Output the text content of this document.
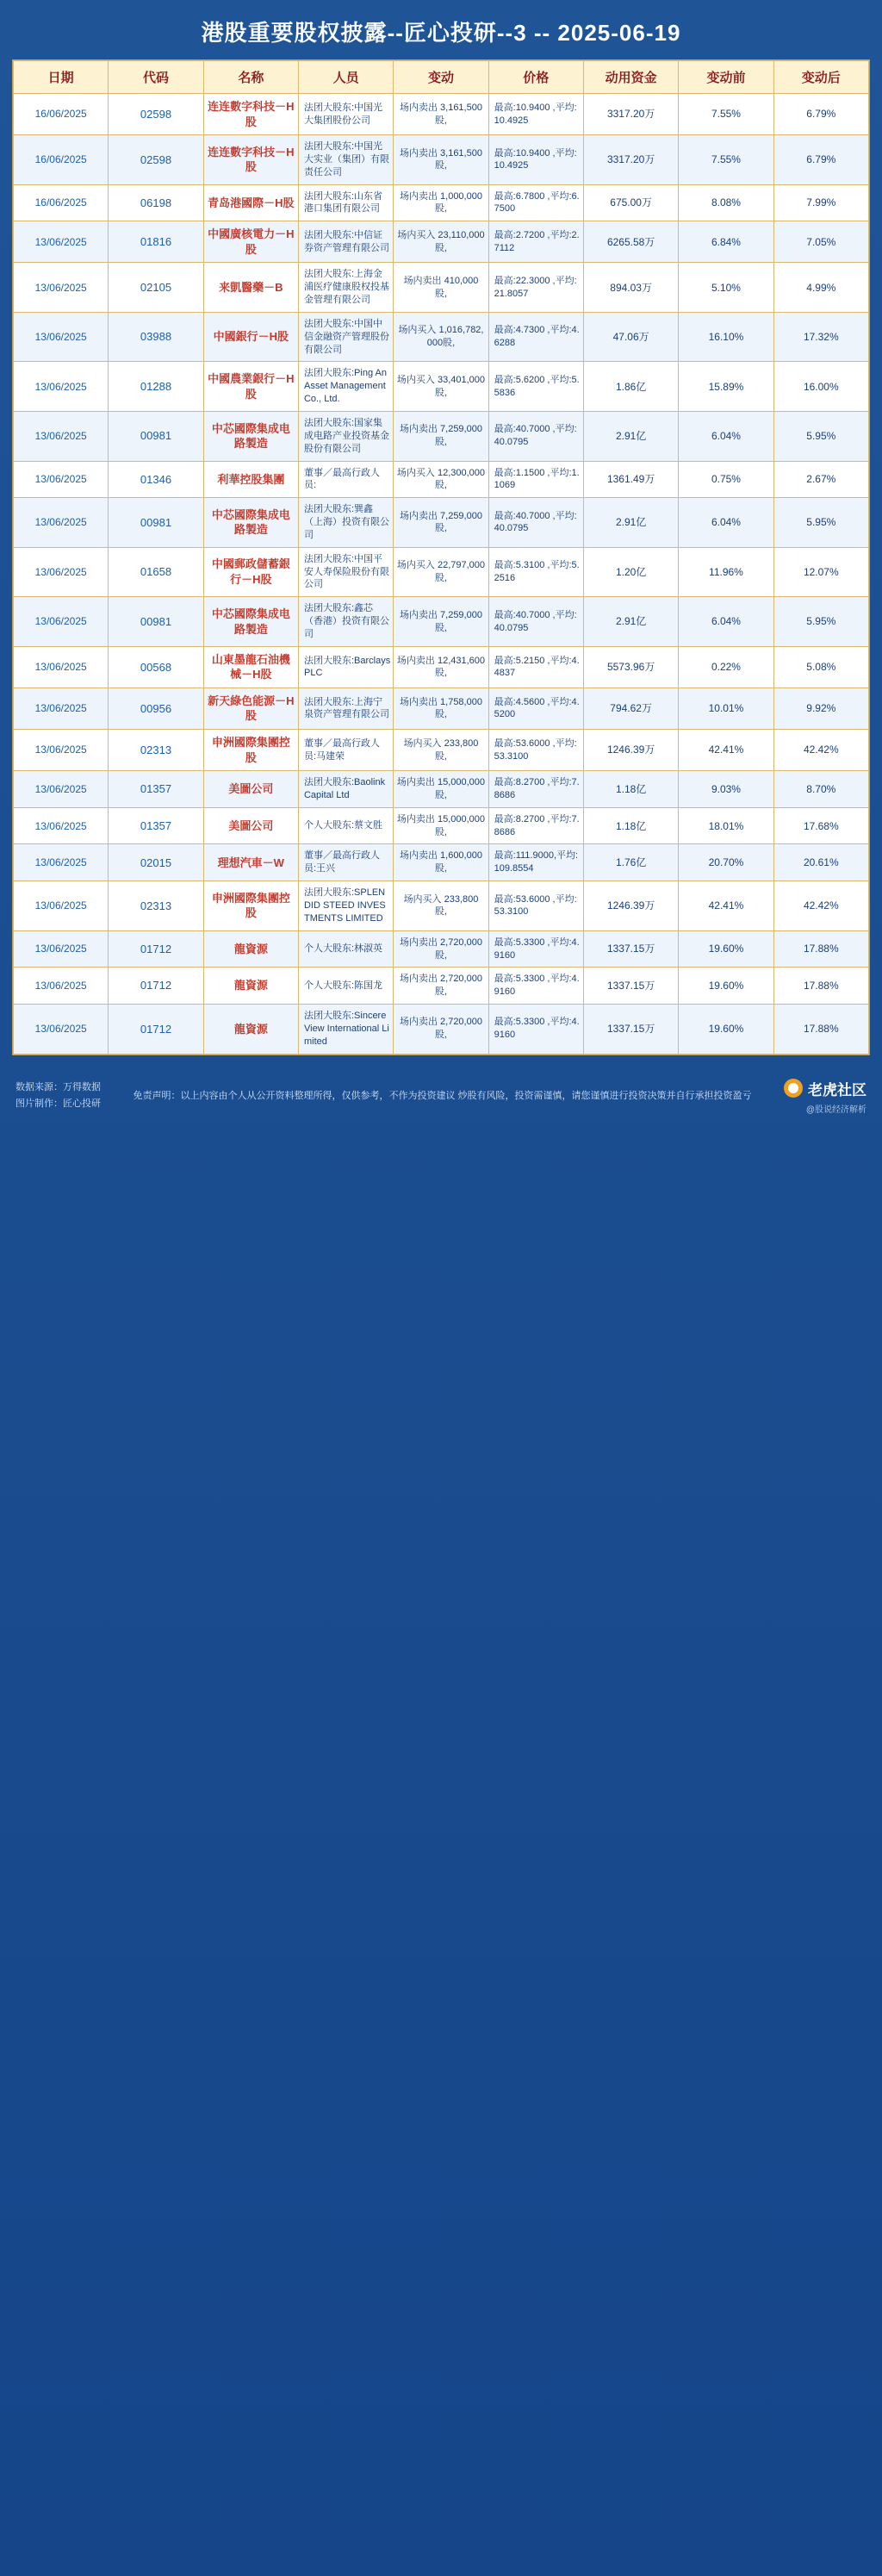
港股重要股权披露--匠心投研--3 -- 2025-06-19
日期	代码	名称	人员	变动	价格	动用资金	变动前	变动后
16/06/2025	02598	连连數字科技－H股	法团大股东:中国光大集团股份公司	场内卖出 3,161,500 股,	最高:10.9400 ,平均:10.4925	3317.20万	7.55%	6.79%
16/06/2025	02598	连连數字科技－H股	法团大股东:中国光大实业（集团）有限责任公司	场内卖出 3,161,500 股,	最高:10.9400 ,平均:10.4925	3317.20万	7.55%	6.79%
16/06/2025	06198	青岛港國際－H股	法团大股东:山东省港口集团有限公司	场内卖出 1,000,000 股,	最高:6.7800 ,平均:6.7500	675.00万	8.08%	7.99%
13/06/2025	01816	中國廣核電力－H股	法团大股东:中信证券资产管理有限公司	场内买入 23,110,000 股,	最高:2.7200 ,平均:2.7112	6265.58万	6.84%	7.05%
13/06/2025	02105	来凱醫藥－B	法团大股东:上海金浦医疗健康股权投基金管理有限公司	场内卖出 410,000 股,	最高:22.3000 ,平均:21.8057	894.03万	5.10%	4.99%
13/06/2025	03988	中國銀行－H股	法团大股东:中国中信金融资产管理股份有限公司	场内买入 1,016,782,000股,	最高:4.7300 ,平均:4.6288	47.06万	16.10%	17.32%
13/06/2025	01288	中國農業銀行－H股	法团大股东:Ping An Asset Management Co., Ltd.	场内买入 33,401,000 股,	最高:5.6200 ,平均:5.5836	1.86亿	15.89%	16.00%
13/06/2025	00981	中芯國際集成电路製造	法团大股东:国家集成电路产业投资基金股份有限公司	场内卖出 7,259,000 股,	最高:40.7000 ,平均:40.0795	2.91亿	6.04%	5.95%
13/06/2025	01346	利華控股集團	董事／最高行政人员:	场内买入 12,300,000 股,	最高:1.1500 ,平均:1.1069	1361.49万	0.75%	2.67%
13/06/2025	00981	中芯國際集成电路製造	法团大股东:巽鑫（上海）投资有限公司	场内卖出 7,259,000 股,	最高:40.7000 ,平均:40.0795	2.91亿	6.04%	5.95%
13/06/2025	01658	中國郵政儲蓄銀行－H股	法团大股东:中国平安人寿保险股份有限公司	场内买入 22,797,000 股,	最高:5.3100 ,平均:5.2516	1.20亿	11.96%	12.07%
13/06/2025	00981	中芯國際集成电路製造	法团大股东:鑫芯（香港）投资有限公司	场内卖出 7,259,000 股,	最高:40.7000 ,平均:40.0795	2.91亿	6.04%	5.95%
13/06/2025	00568	山東墨龍石油機械－H股	法团大股东:Barclays PLC	场内卖出 12,431,600 股,	最高:5.2150 ,平均:4.4837	5573.96万	0.22%	5.08%
13/06/2025	00956	新天綠色能源－H股	法团大股东:上海宁泉资产管理有限公司	场内卖出 1,758,000 股,	最高:4.5600 ,平均:4.5200	794.62万	10.01%	9.92%
13/06/2025	02313	申洲國際集團控股	董事／最高行政人员:马建荣	场内买入 233,800 股,	最高:53.6000 ,平均:53.3100	1246.39万	42.41%	42.42%
13/06/2025	01357	美圖公司	法团大股东:Baolink Capital Ltd	场内卖出 15,000,000 股,	最高:8.2700 ,平均:7.8686	1.18亿	9.03%	8.70%
13/06/2025	01357	美圖公司	个人大股东:蔡文胜	场内卖出 15,000,000 股,	最高:8.2700 ,平均:7.8686	1.18亿	18.01%	17.68%
13/06/2025	02015	理想汽車－W	董事／最高行政人员:王兴	场内卖出 1,600,000 股,	最高:111.9000,平均:109.8554	1.76亿	20.70%	20.61%
13/06/2025	02313	申洲國際集團控股	法团大股东:SPLENDID STEED INVESTMENTS LIMITED	场内买入 233,800 股,	最高:53.6000 ,平均:53.3100	1246.39万	42.41%	42.42%
13/06/2025	01712	龍資源	个人大股东:林淑英	场内卖出 2,720,000 股,	最高:5.3300 ,平均:4.9160	1337.15万	19.60%	17.88%
13/06/2025	01712	龍資源	个人大股东:陈国龙	场内卖出 2,720,000 股,	最高:5.3300 ,平均:4.9160	1337.15万	19.60%	17.88%
13/06/2025	01712	龍資源	法团大股东:Sincere View International Limited	场内卖出 2,720,000 股,	最高:5.3300 ,平均:4.9160	1337.15万	19.60%	17.88%
数据来源：万得数据
图片制作：匠心投研
免责声明：以上内容由个人从公开资料整理所得，仅供参考，不作为投资建议 炒股有风险，投资需谨慎，请您谨慎进行投资决策并自行承担投资盈亏	老虎社区
@股说经济解析
